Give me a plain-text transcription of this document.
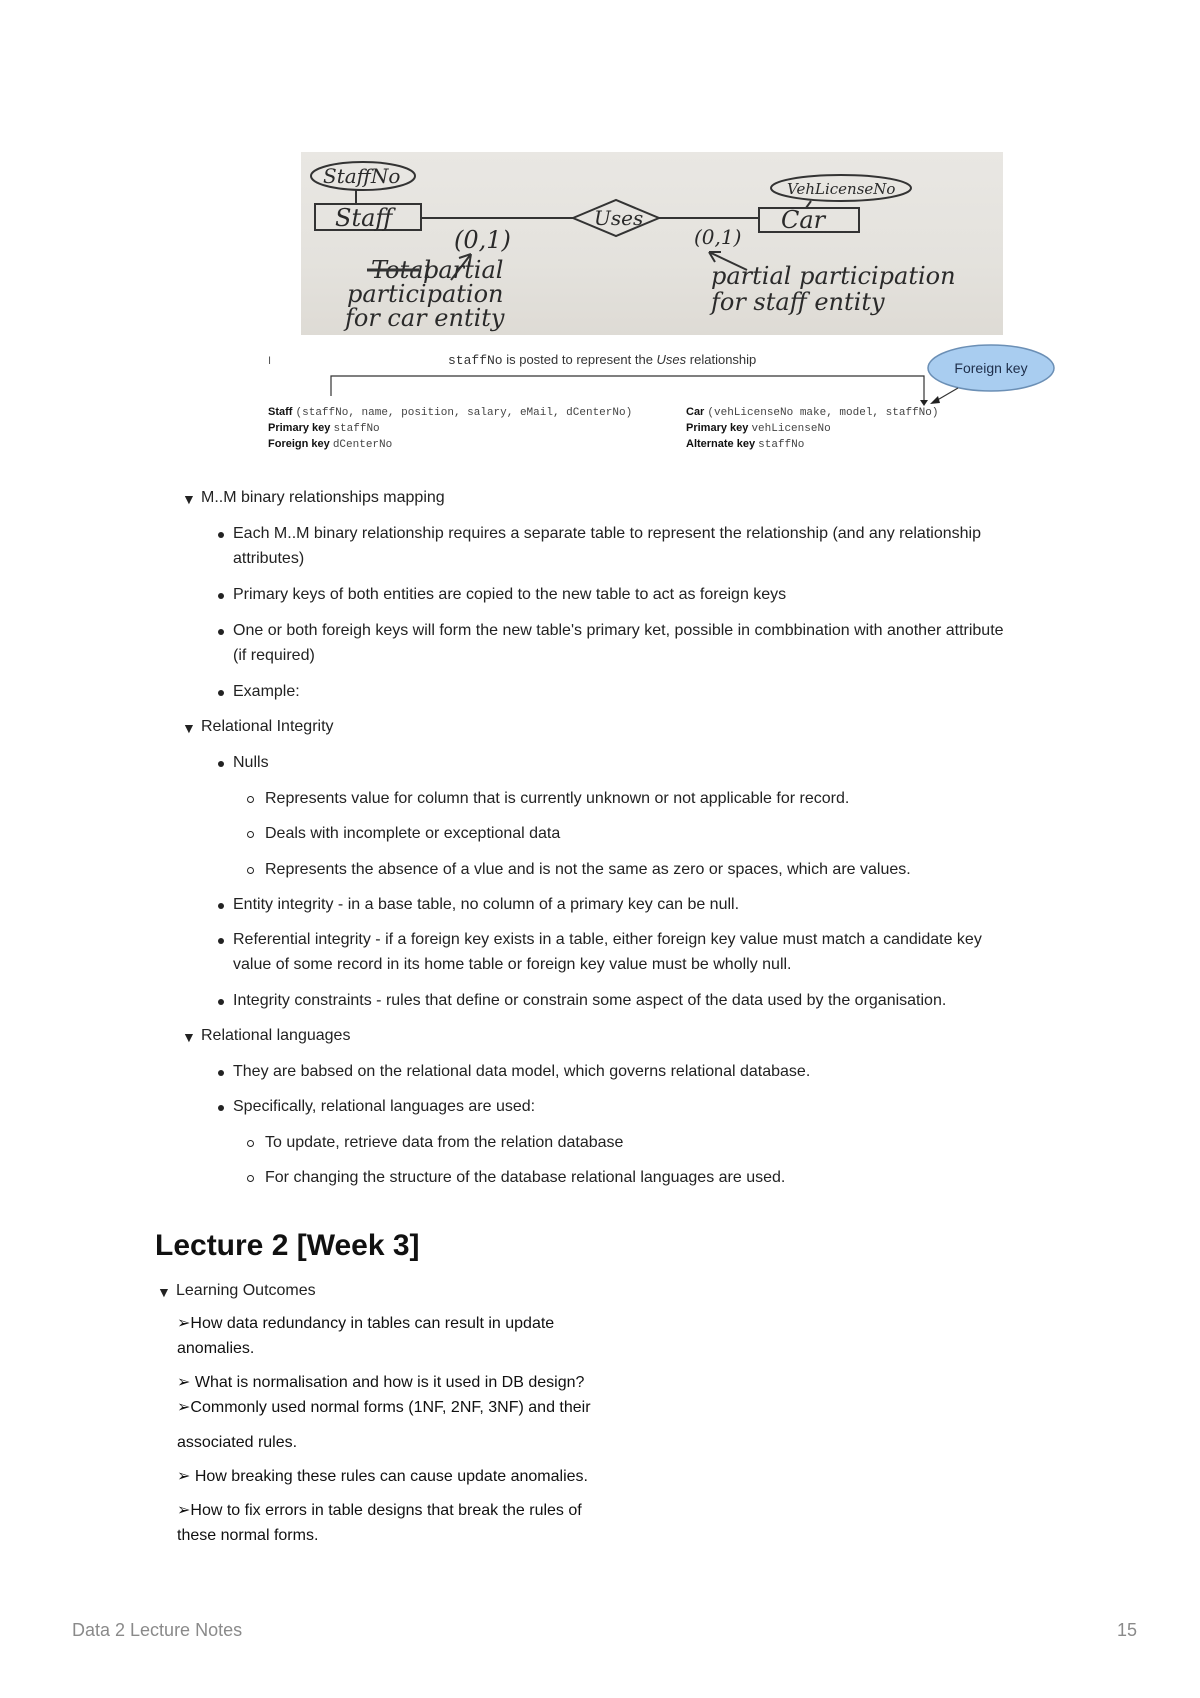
StaffNo
Staff	Uses
VehLicenseNo
Car
(0,1)	(0,1)
Total
partial
participation
for car entity
partial participation
for staff entity
I	staffNo is posted to represent the Uses relationship
Foreign key
Staff (staffNo, name, position, salary, eMail, dCenterNo)
Primary key staffNo
Foreign key dCenterNo
Car (vehLicenseNo make, model, staffNo)
Primary key vehLicenseNo
Alternate key staffNo
▼ M..M binary relationships mapping
Each M..M binary relationship requires a separate table to represent the relationship (and any relationship
attributes)
Primary keys of both entities are copied to the new table to act as foreign keys
One or both foreigh keys will form the new table's primary ket, possible in combbination with another attribute
(if required)
Example:
▼ Relational Integrity
Nulls
Represents value for column that is currently unknown or not applicable for record.
Deals with incomplete or exceptional data
Represents the absence of a vlue and is not the same as zero or spaces, which are values.
Entity integrity - in a base table, no column of a primary key can be null.
Referential integrity - if a foreign key exists in a table, either foreign key value must match a candidate key
value of some record in its home table or foreign key value must be wholly null.
Integrity constraints - rules that define or constrain some aspect of the data used by the organisation.
▼ Relational languages
They are babsed on the relational data model, which governs relational database.
Specifically, relational languages are used:
To update, retrieve data from the relation database
For changing the structure of the database relational languages are used.
Lecture 2 [Week 3]
▼ Learning Outcomes
➢How data redundancy in tables can result in update
anomalies.
➢ What is normalisation and how is it used in DB design?
➢Commonly used normal forms (1NF, 2NF, 3NF) and their
associated rules.
➢ How breaking these rules can cause update anomalies.
➢How to fix errors in table designs that break the rules of
these normal forms.
Data 2 Lecture Notes	15
